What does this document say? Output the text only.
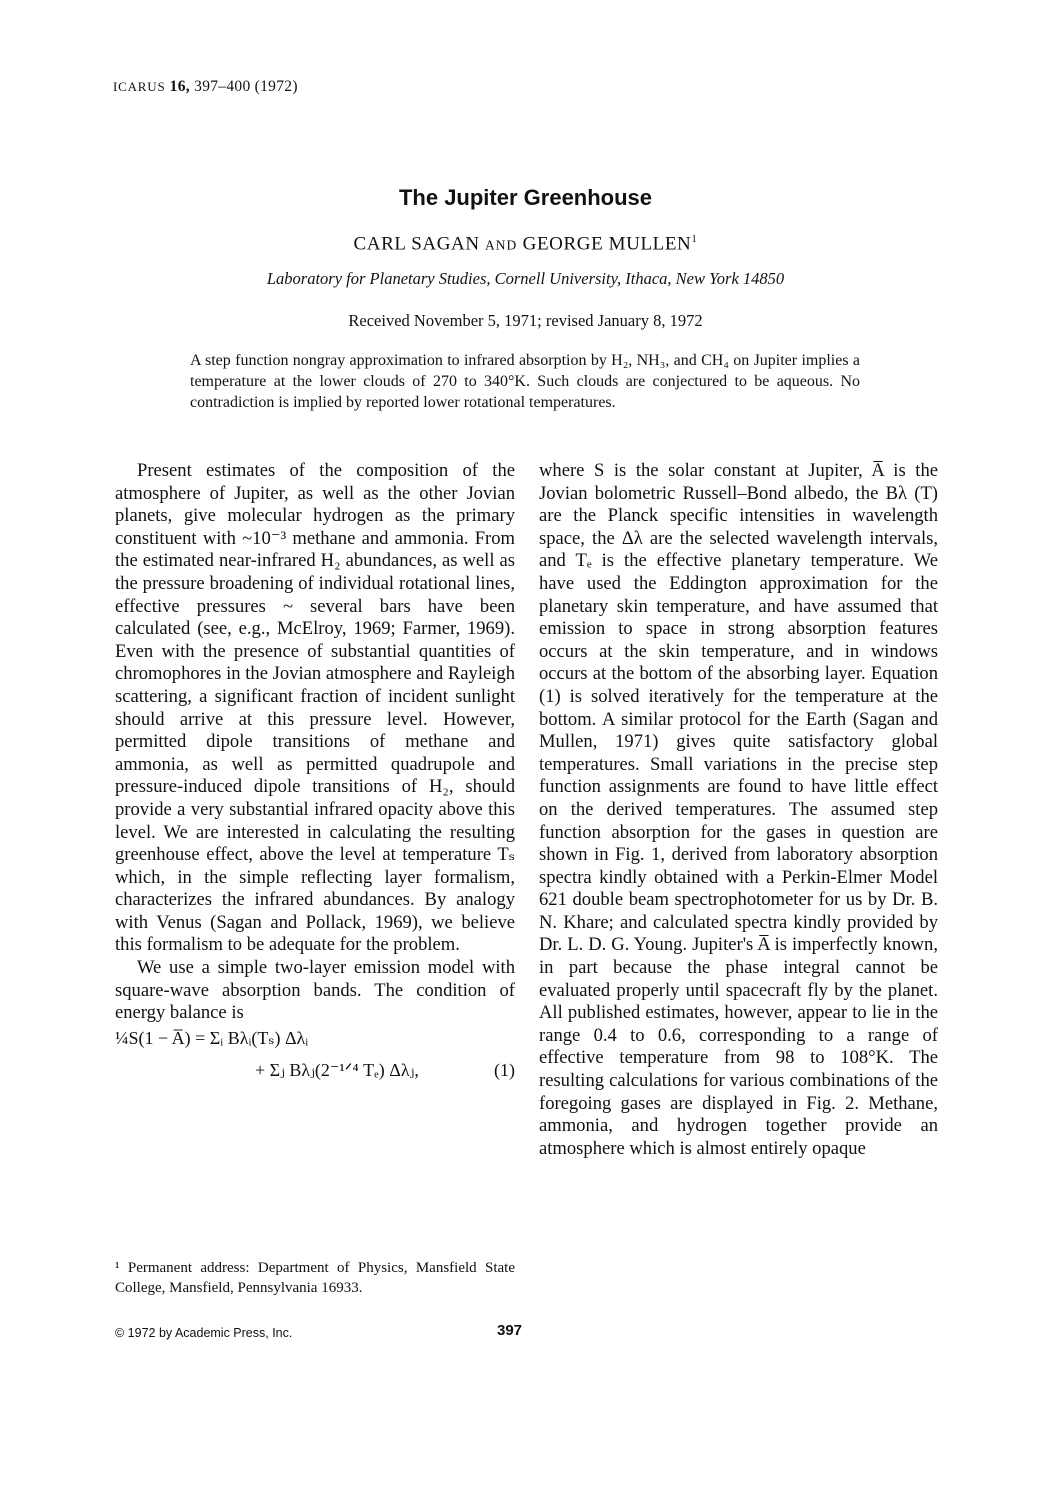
ICARUS 16, 397–400 (1972)
The Jupiter Greenhouse
CARL SAGAN AND GEORGE MULLEN$^1$
Laboratory for Planetary Studies, Cornell University, Ithaca, New York 14850
Received November 5, 1971; revised January 8, 1972
A step function nongray approximation to infrared absorption by H₂, NH₃, and CH₄ on Jupiter implies a temperature at the lower clouds of 270 to 340°K. Such clouds are conjectured to be aqueous. No contradiction is implied by reported lower rotational temperatures.

Present estimates of the composition of the atmosphere of Jupiter, as well as the other Jovian planets, give molecular hydrogen as the primary constituent with ~10⁻³ methane and ammonia. From the estimated near-infrared H₂ abundances, as well as the pressure broadening of individual rotational lines, effective pressures ~ several bars have been calculated (see, e.g., McElroy, 1969; Farmer, 1969). Even with the presence of substantial quantities of chromophores in the Jovian atmosphere and Rayleigh scattering, a significant fraction of incident sunlight should arrive at this pressure level. However, permitted dipole transitions of methane and ammonia, as well as permitted quadrupole and pressure-induced dipole transitions of H₂, should provide a very substantial infrared opacity above this level. We are interested in calculating the resulting greenhouse effect, above the level at temperature Tₛ which, in the simple reflecting layer formalism, characterizes the infrared abundances. By analogy with Venus (Sagan and Pollack, 1969), we believe this formalism to be adequate for the problem.

We use a simple two-layer emission model with square-wave absorption bands. The condition of energy balance is

¼S(1 − A̅) = Σᵢ Bλᵢ(Tₛ) Δλᵢ
+ Σⱼ Bλⱼ(2⁻¹ᐟ⁴ Tₑ) Δλⱼ,	(1)

where S is the solar constant at Jupiter, A̅ is the Jovian bolometric Russell–Bond albedo, the Bλ (T) are the Planck specific intensities in wavelength space, the Δλ are the selected wavelength intervals, and Tₑ is the effective planetary temperature. We have used the Eddington approximation for the planetary skin temperature, and have assumed that emission to space in strong absorption features occurs at the skin temperature, and in windows occurs at the bottom of the absorbing layer. Equation (1) is solved iteratively for the temperature at the bottom. A similar protocol for the Earth (Sagan and Mullen, 1971) gives quite satisfactory global temperatures. Small variations in the precise step function assignments are found to have little effect on the derived temperatures. The assumed step function absorption for the gases in question are shown in Fig. 1, derived from laboratory absorption spectra kindly obtained with a Perkin-Elmer Model 621 double beam spectrophotometer for us by Dr. B. N. Khare; and calculated spectra kindly provided by Dr. L. D. G. Young. Jupiter's A̅ is imperfectly known, in part because the phase integral cannot be evaluated properly until spacecraft fly by the planet. All published estimates, however, appear to lie in the range 0.4 to 0.6, corresponding to a range of effective temperature from 98 to 108°K. The resulting calculations for various combinations of the foregoing gases are displayed in Fig. 2. Methane, ammonia, and hydrogen together provide an atmosphere which is almost entirely opaque

¹ Permanent address: Department of Physics, Mansfield State College, Mansfield, Pennsylvania 16933.
© 1972 by Academic Press, Inc.	397
